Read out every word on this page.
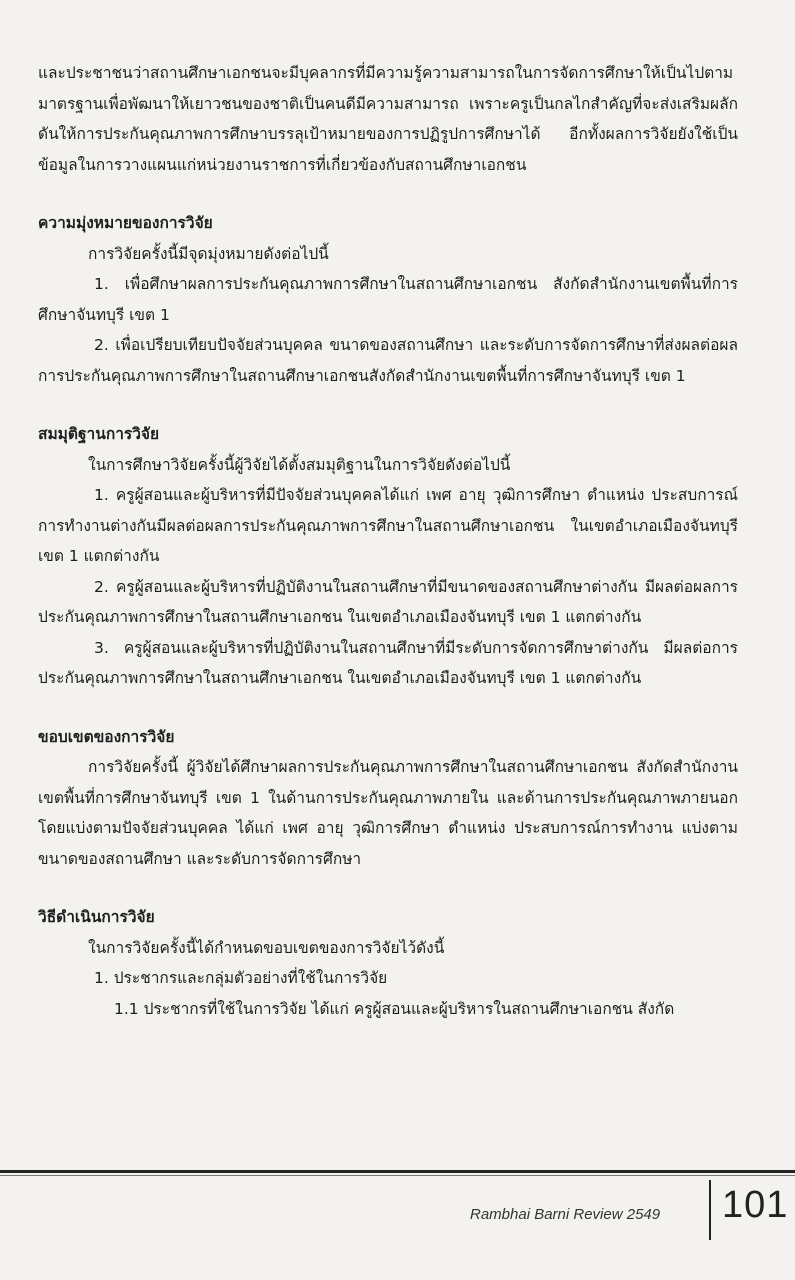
และประชาชนว่าสถานศึกษาเอกชนจะมีบุคลากรที่มีความรู้ความสามารถในการจัดการศึกษาให้เป็นไปตามมาตรฐานเพื่อพัฒนาให้เยาวชนของชาติเป็นคนดีมีความสามารถ เพราะครูเป็นกลไกสำคัญที่จะส่งเสริมผลักดันให้การประกันคุณภาพการศึกษาบรรลุเป้าหมายของการปฏิรูปการศึกษาได้ อีกทั้งผลการวิจัยยังใช้เป็นข้อมูลในการวางแผนแก่หน่วยงานราชการที่เกี่ยวข้องกับสถานศึกษาเอกชน

ความมุ่งหมายของการวิจัย

การวิจัยครั้งนี้มีจุดมุ่งหมายดังต่อไปนี้

1. เพื่อศึกษาผลการประกันคุณภาพการศึกษาในสถานศึกษาเอกชน สังกัดสำนักงานเขตพื้นที่การศึกษาจันทบุรี เขต 1

2. เพื่อเปรียบเทียบปัจจัยส่วนบุคคล ขนาดของสถานศึกษา และระดับการจัดการศึกษาที่ส่งผลต่อผลการประกันคุณภาพการศึกษาในสถานศึกษาเอกชนสังกัดสำนักงานเขตพื้นที่การศึกษาจันทบุรี เขต 1

สมมุติฐานการวิจัย

ในการศึกษาวิจัยครั้งนี้ผู้วิจัยได้ตั้งสมมุติฐานในการวิจัยดังต่อไปนี้

1. ครูผู้สอนและผู้บริหารที่มีปัจจัยส่วนบุคคลได้แก่ เพศ อายุ วุฒิการศึกษา ตำแหน่ง ประสบการณ์การทำงานต่างกันมีผลต่อผลการประกันคุณภาพการศึกษาในสถานศึกษาเอกชน ในเขตอำเภอเมืองจันทบุรี เขต 1 แตกต่างกัน

2. ครูผู้สอนและผู้บริหารที่ปฏิบัติงานในสถานศึกษาที่มีขนาดของสถานศึกษาต่างกัน มีผลต่อผลการประกันคุณภาพการศึกษาในสถานศึกษาเอกชน ในเขตอำเภอเมืองจันทบุรี เขต 1 แตกต่างกัน

3. ครูผู้สอนและผู้บริหารที่ปฏิบัติงานในสถานศึกษาที่มีระดับการจัดการศึกษาต่างกัน มีผลต่อการประกันคุณภาพการศึกษาในสถานศึกษาเอกชน ในเขตอำเภอเมืองจันทบุรี เขต 1 แตกต่างกัน

ขอบเขตของการวิจัย

การวิจัยครั้งนี้ ผู้วิจัยได้ศึกษาผลการประกันคุณภาพการศึกษาในสถานศึกษาเอกชน สังกัดสำนักงานเขตพื้นที่การศึกษาจันทบุรี เขต 1 ในด้านการประกันคุณภาพภายใน และด้านการประกันคุณภาพภายนอก โดยแบ่งตามปัจจัยส่วนบุคคล ได้แก่ เพศ อายุ วุฒิการศึกษา ตำแหน่ง ประสบการณ์การทำงาน แบ่งตามขนาดของสถานศึกษา และระดับการจัดการศึกษา

วิธีดำเนินการวิจัย

ในการวิจัยครั้งนี้ได้กำหนดขอบเขตของการวิจัยไว้ดังนี้

1. ประชากรและกลุ่มตัวอย่างที่ใช้ในการวิจัย

1.1 ประชากรที่ใช้ในการวิจัย ได้แก่ ครูผู้สอนและผู้บริหารในสถานศึกษาเอกชน สังกัด

Rambhai Barni Review 2549 101
